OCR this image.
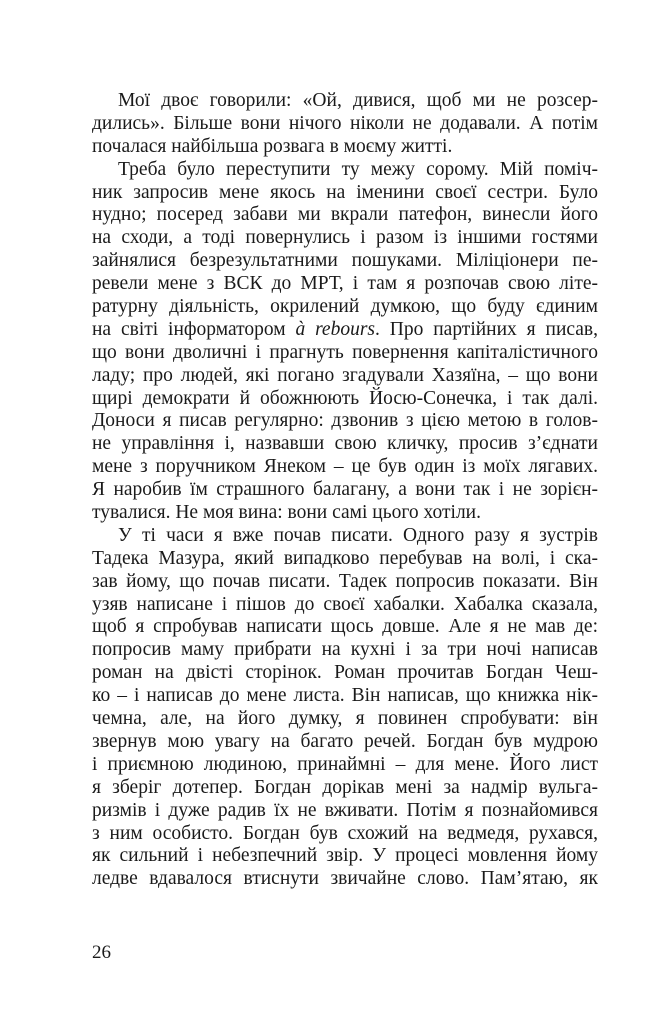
Мої двоє говорили: «Ой, дивися, щоб ми не розсер-
дились». Більше вони нічого ніколи не додавали. А потім
почалася найбільша розвага в моєму житті.
Треба було переступити ту межу сорому. Мій поміч-
ник запросив мене якось на іменини своєї сестри. Було
нудно; посеред забави ми вкрали патефон, винесли його
на сходи, а тоді повернулись і разом із іншими гостями
зайнялися безрезультатними пошуками. Міліціонери пе-
ревели мене з ВСК до МРТ, і там я розпочав свою літе-
ратурну діяльність, окрилений думкою, що буду єдиним
на світі інформатором à rebours. Про партійних я писав,
що вони дволичні і прагнуть повернення капіталістичного
ладу; про людей, які погано згадували Хазяїна, – що вони
щирі демократи й обожнюють Йосю-Сонечка, і так далі.
Доноси я писав регулярно: дзвонив з цією метою в голов-
не управління і, назвавши свою кличку, просив з’єднати
мене з поручником Янеком – це був один із моїх лягавих.
Я наробив їм страшного балагану, а вони так і не зорієн-
тувалися. Не моя вина: вони самі цього хотіли.
У ті часи я вже почав писати. Одного разу я зустрів
Тадека Мазура, який випадково перебував на волі, і ска-
зав йому, що почав писати. Тадек попросив показати. Він
узяв написане і пішов до своєї хабалки. Хабалка сказала,
щоб я спробував написати щось довше. Але я не мав де:
попросив маму прибрати на кухні і за три ночі написав
роман на двісті сторінок. Роман прочитав Богдан Чеш-
ко – і написав до мене листа. Він написав, що книжка нік-
чемна, але, на його думку, я повинен спробувати: він
звернув мою увагу на багато речей. Богдан був мудрою
і приємною людиною, принаймні – для мене. Його лист
я зберіг дотепер. Богдан дорікав мені за надмір вульга-
ризмів і дуже радив їх не вживати. Потім я познайомився
з ним особисто. Богдан був схожий на ведмедя, рухався,
як сильний і небезпечний звір. У процесі мовлення йому
ледве вдавалося втиснути звичайне слово. Пам’ятаю, як
26
